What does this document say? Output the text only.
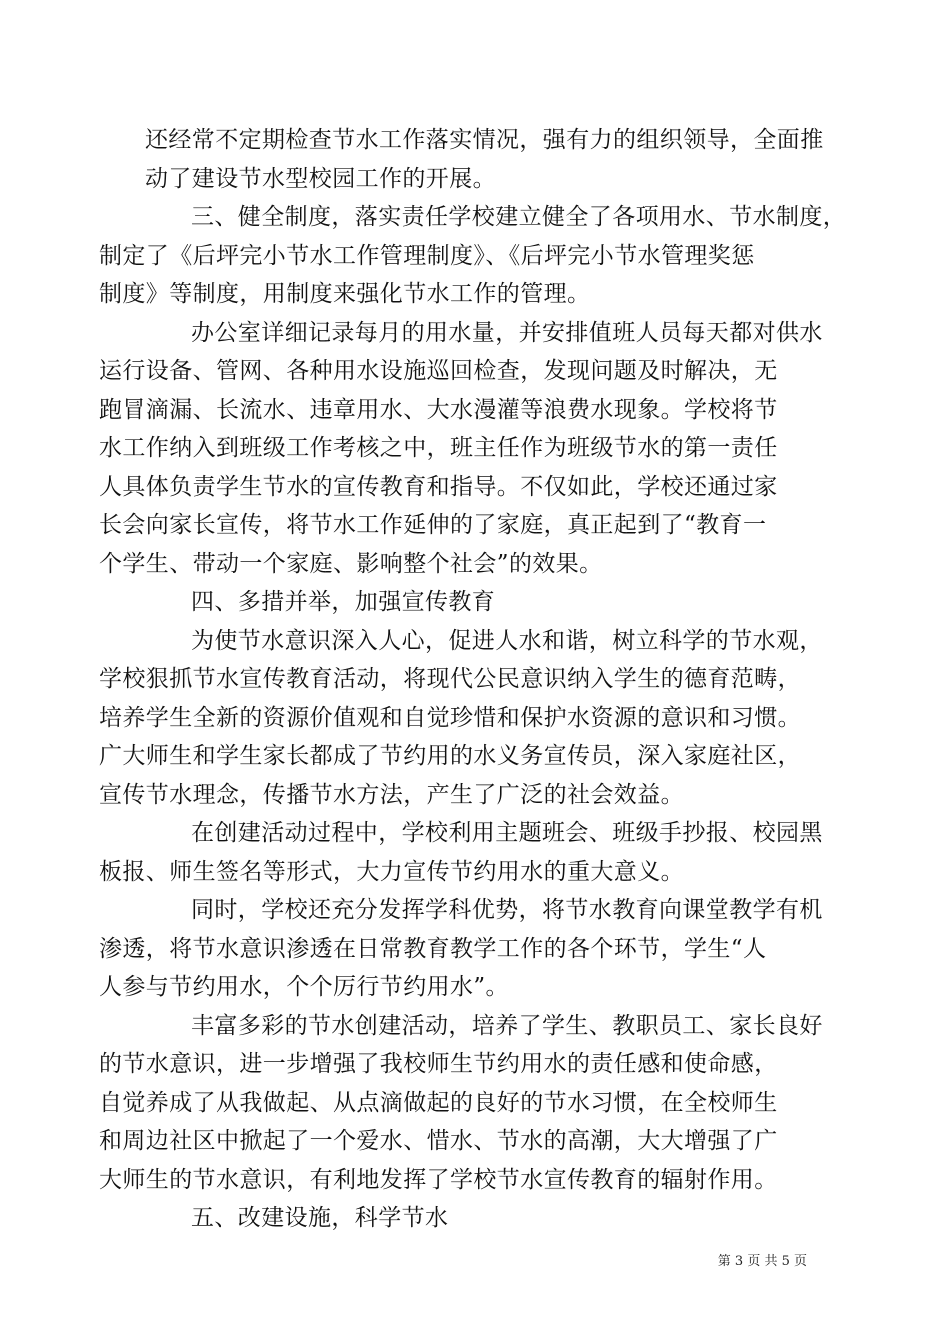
还经常不定期检查节水工作落实情况，强有力的组织领导，全面推
动了建设节水型校园工作的开展。

三、健全制度，落实责任学校建立健全了各项用水、节水制度，
制定了《后坪完小节水工作管理制度》、《后坪完小节水管理奖惩
制度》等制度，用制度来强化节水工作的管理。

办公室详细记录每月的用水量，并安排值班人员每天都对供水
运行设备、管网、各种用水设施巡回检查，发现问题及时解决，无
跑冒滴漏、长流水、违章用水、大水漫灌等浪费水现象。学校将节
水工作纳入到班级工作考核之中，班主任作为班级节水的第一责任
人具体负责学生节水的宣传教育和指导。不仅如此，学校还通过家
长会向家长宣传，将节水工作延伸的了家庭，真正起到了“教育一
个学生、带动一个家庭、影响整个社会”的效果。

四、多措并举，加强宣传教育

为使节水意识深入人心，促进人水和谐，树立科学的节水观，
学校狠抓节水宣传教育活动，将现代公民意识纳入学生的德育范畴，
培养学生全新的资源价值观和自觉珍惜和保护水资源的意识和习惯。
广大师生和学生家长都成了节约用的水义务宣传员，深入家庭社区，
宣传节水理念，传播节水方法，产生了广泛的社会效益。

在创建活动过程中，学校利用主题班会、班级手抄报、校园黑
板报、师生签名等形式，大力宣传节约用水的重大意义。

同时，学校还充分发挥学科优势，将节水教育向课堂教学有机
渗透，将节水意识渗透在日常教育教学工作的各个环节，学生“人
人参与节约用水，个个厉行节约用水”。

丰富多彩的节水创建活动，培养了学生、教职员工、家长良好
的节水意识，进一步增强了我校师生节约用水的责任感和使命感，
自觉养成了从我做起、从点滴做起的良好的节水习惯，在全校师生
和周边社区中掀起了一个爱水、惜水、节水的高潮，大大增强了广
大师生的节水意识，有利地发挥了学校节水宣传教育的辐射作用。

五、改建设施，科学节水

第 3 页 共 5 页
